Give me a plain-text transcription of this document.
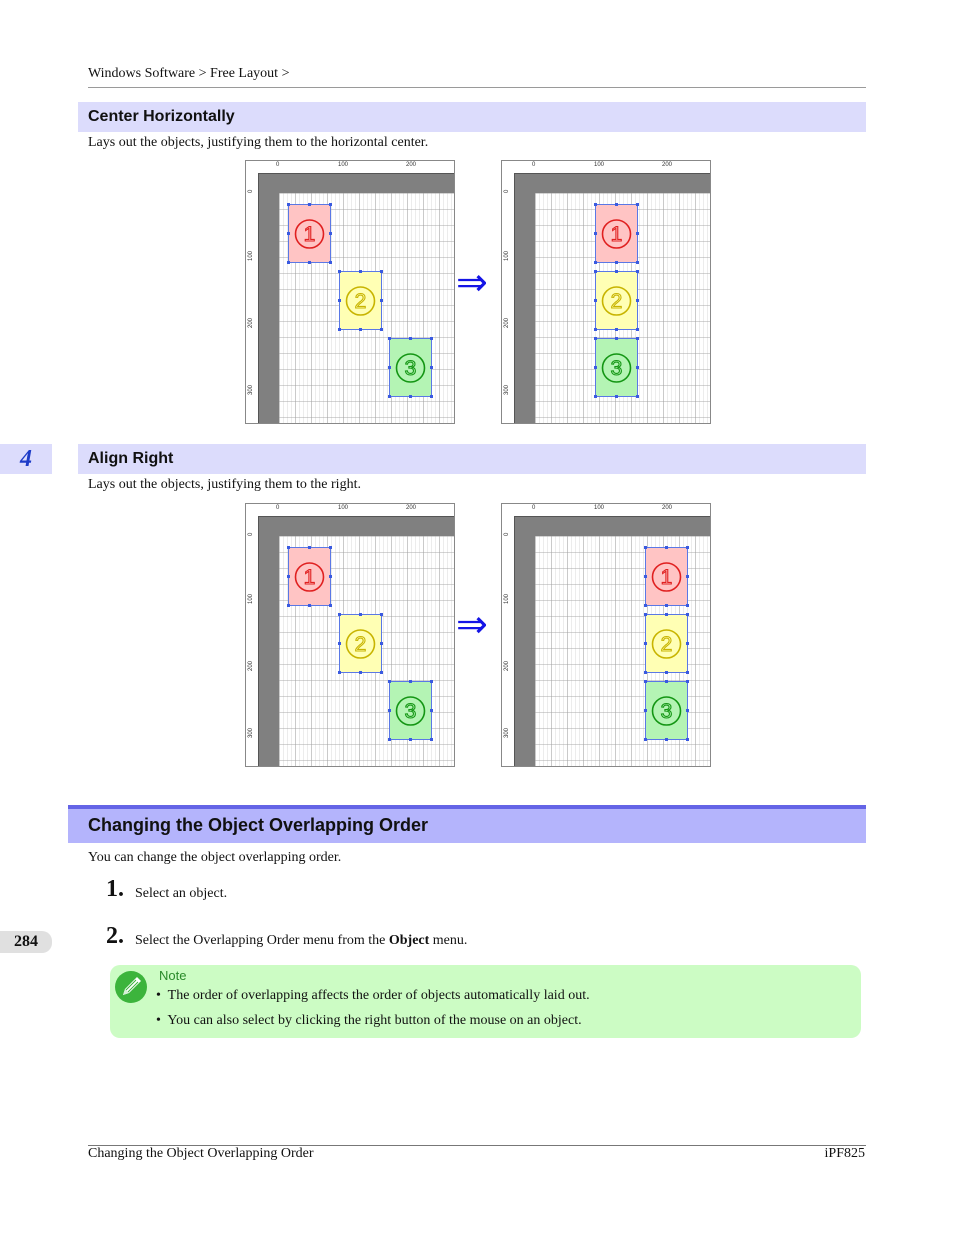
Windows Software > Free Layout >
4
Center Horizontally
Lays out the objects, justifying them to the horizontal center.
0	100	200
0
100
200
300
1
2
3
⇒
0	100	200
0
100
200
300
1
2
3
Align Right
Lays out the objects, justifying them to the right.
0	100	200
0
100
200
300
1
2
3
⇒
0	100	200
0
100
200
300
1
2
3
Changing the Object Overlapping Order
You can change the object overlapping order.
1. Select an object.
284	2. Select the Overlapping Order menu from the Object menu.
Note
•  The order of overlapping affects the order of objects automatically laid out.
•  You can also select by clicking the right button of the mouse on an object.
Changing the Object Overlapping Order	iPF825
